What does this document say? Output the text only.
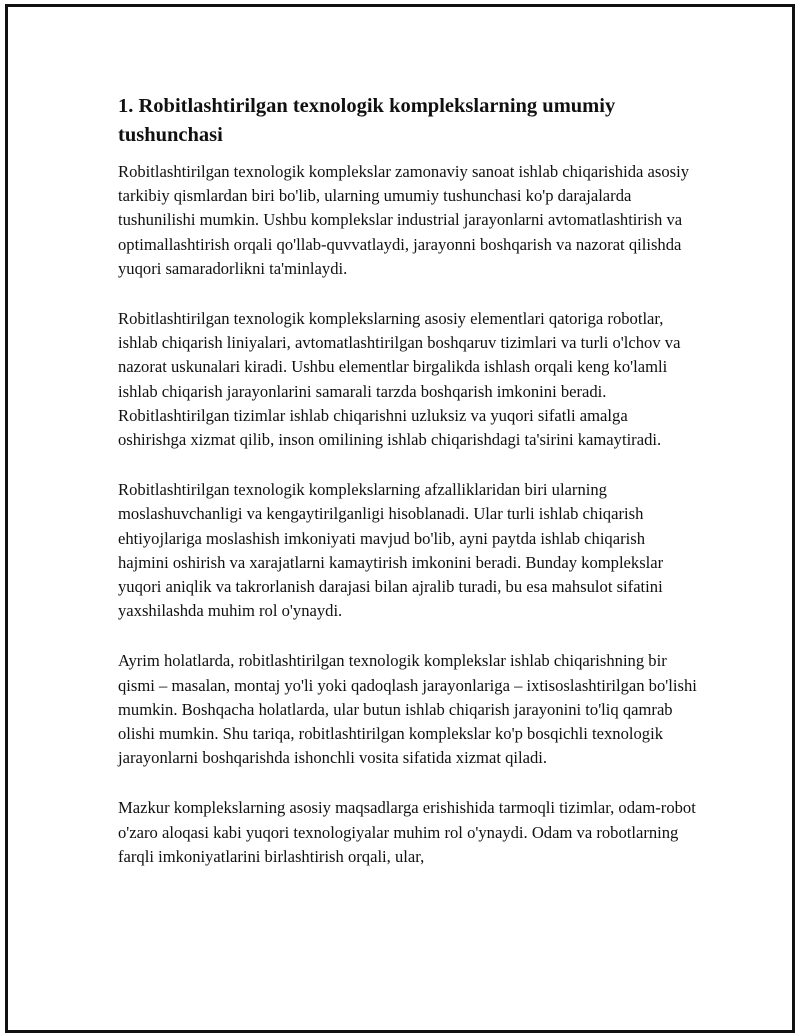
1. Robitlashtirilgan texnologik komplekslarning umumiy tushunchasi

Robitlashtirilgan texnologik komplekslar zamonaviy sanoat ishlab chiqarishida asosiy tarkibiy qismlardan biri bo'lib, ularning umumiy tushunchasi ko'p darajalarda tushunilishi mumkin. Ushbu komplekslar industrial jarayonlarni avtomatlashtirish va optimallashtirish orqali qo'llab-quvvatlaydi, jarayonni boshqarish va nazorat qilishda yuqori samaradorlikni ta'minlaydi.

Robitlashtirilgan texnologik komplekslarning asosiy elementlari qatoriga robotlar, ishlab chiqarish liniyalari, avtomatlashtirilgan boshqaruv tizimlari va turli o'lchov va nazorat uskunalari kiradi. Ushbu elementlar birgalikda ishlash orqali keng ko'lamli ishlab chiqarish jarayonlarini samarali tarzda boshqarish imkonini beradi. Robitlashtirilgan tizimlar ishlab chiqarishni uzluksiz va yuqori sifatli amalga oshirishga xizmat qilib, inson omilining ishlab chiqarishdagi ta'sirini kamaytiradi.

Robitlashtirilgan texnologik komplekslarning afzalliklaridan biri ularning moslashuvchanligi va kengaytirilganligi hisoblanadi. Ular turli ishlab chiqarish ehtiyojlariga moslashish imkoniyati mavjud bo'lib, ayni paytda ishlab chiqarish hajmini oshirish va xarajatlarni kamaytirish imkonini beradi. Bunday komplekslar yuqori aniqlik va takrorlanish darajasi bilan ajralib turadi, bu esa mahsulot sifatini yaxshilashda muhim rol o'ynaydi.

Ayrim holatlarda, robitlashtirilgan texnologik komplekslar ishlab chiqarishning bir qismi – masalan, montaj yo'li yoki qadoqlash jarayonlariga – ixtisoslashtirilgan bo'lishi mumkin. Boshqacha holatlarda, ular butun ishlab chiqarish jarayonini to'liq qamrab olishi mumkin. Shu tariqa, robitlashtirilgan komplekslar ko'p bosqichli texnologik jarayonlarni boshqarishda ishonchli vosita sifatida xizmat qiladi.

Mazkur komplekslarning asosiy maqsadlarga erishishida tarmoqli tizimlar, odam-robot o'zaro aloqasi kabi yuqori texnologiyalar muhim rol o'ynaydi. Odam va robotlarning farqli imkoniyatlarini birlashtirish orqali, ular,
